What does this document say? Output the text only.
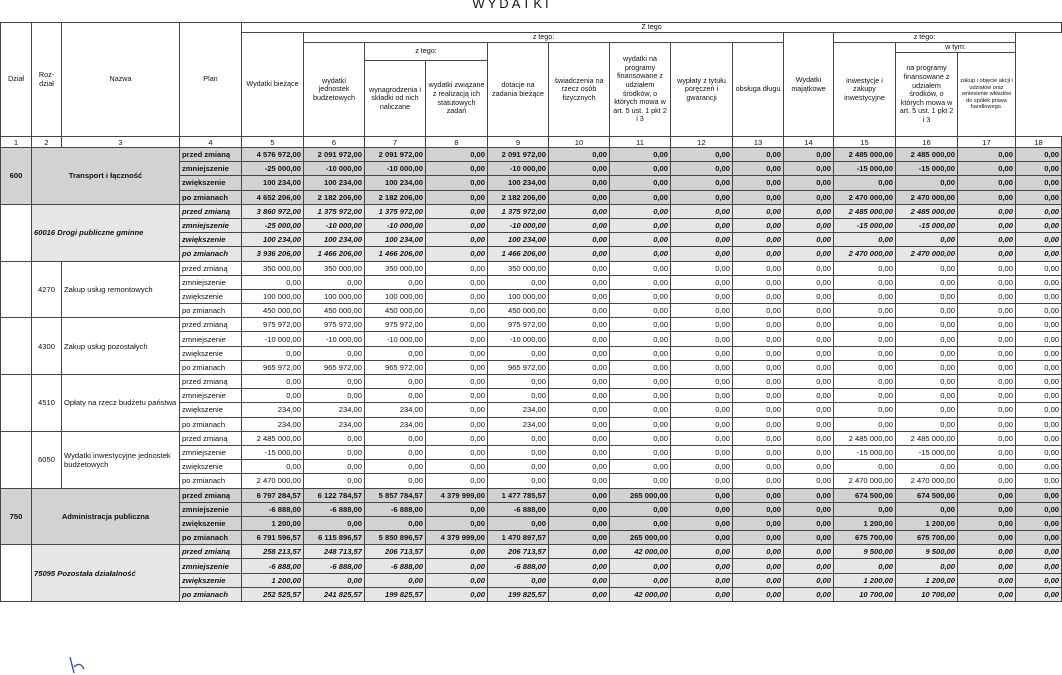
WYDATKI
Dział	Roz-dział	Nazwa	Plan	Z tego													
				Wydatki bieżące	z tego:								Wydatki majątkowe	z tego:			
					wydatki jednostek budżetowych	z tego:		dotacje na zadania bieżące	świadczenia na rzecz osób fizycznych	wydatki na programy finansowane z udziałem środków, o których mowa w art. 5 ust. 1 pkt 2 i 3	wypłaty z tytułu poręczeń i gwarancji	obsługa długu		inwestycje i zakupy inwestycyjne	w tym:		
															na programy finansowane z udziałem środków, o których mowa w art. 5 ust. 1 pkt 2 i 3	zakup i objęcie akcji i udziałów oraz wniesienie wkładów do spółek prawa handlowego.	
						wynagrodzenia i składki od nich naliczane	wydatki związane z realizacją ich statutowych zadań										
1	2	3	4	5	6	7	8	9	10	11	12	13	14	15	16	17	18
600	Transport i łączność		przed zmianą	4 576 972,00	2 091 972,00	2 091 972,00	0,00	2 091 972,00	0,00	0,00	0,00	0,00	0,00	2 485 000,00	2 485 000,00	0,00	0,00
			zmniejszenie	-25 000,00	-10 000,00	-10 000,00	0,00	-10 000,00	0,00	0,00	0,00	0,00	0,00	-15 000,00	-15 000,00	0,00	0,00
			zwiększenie	100 234,00	100 234,00	100 234,00	0,00	100 234,00	0,00	0,00	0,00	0,00	0,00	0,00	0,00	0,00	0,00
			po zmianach	4 652 206,00	2 182 206,00	2 182 206,00	0,00	2 182 206,00	0,00	0,00	0,00	0,00	0,00	2 470 000,00	2 470 000,00	0,00	0,00
	60016 Drogi publiczne gminne		przed zmianą	3 860 972,00	1 375 972,00	1 375 972,00	0,00	1 375 972,00	0,00	0,00	0,00	0,00	0,00	2 485 000,00	2 485 000,00	0,00	0,00
			zmniejszenie	-25 000,00	-10 000,00	-10 000,00	0,00	-10 000,00	0,00	0,00	0,00	0,00	0,00	-15 000,00	-15 000,00	0,00	0,00
			zwiększenie	100 234,00	100 234,00	100 234,00	0,00	100 234,00	0,00	0,00	0,00	0,00	0,00	0,00	0,00	0,00	0,00
			po zmianach	3 936 206,00	1 466 206,00	1 466 206,00	0,00	1 466 206,00	0,00	0,00	0,00	0,00	0,00	2 470 000,00	2 470 000,00	0,00	0,00
	4270	Zakup usług remontowych	przed zmianą	350 000,00	350 000,00	350 000,00	0,00	350 000,00	0,00	0,00	0,00	0,00	0,00	0,00	0,00	0,00	0,00
			zmniejszenie	0,00	0,00	0,00	0,00	0,00	0,00	0,00	0,00	0,00	0,00	0,00	0,00	0,00	0,00
			zwiększenie	100 000,00	100 000,00	100 000,00	0,00	100 000,00	0,00	0,00	0,00	0,00	0,00	0,00	0,00	0,00	0,00
			po zmianach	450 000,00	450 000,00	450 000,00	0,00	450 000,00	0,00	0,00	0,00	0,00	0,00	0,00	0,00	0,00	0,00
	4300	Zakup usług pozostałych	przed zmianą	975 972,00	975 972,00	975 972,00	0,00	975 972,00	0,00	0,00	0,00	0,00	0,00	0,00	0,00	0,00	0,00
			zmniejszenie	-10 000,00	-10 000,00	-10 000,00	0,00	-10 000,00	0,00	0,00	0,00	0,00	0,00	0,00	0,00	0,00	0,00
			zwiększenie	0,00	0,00	0,00	0,00	0,00	0,00	0,00	0,00	0,00	0,00	0,00	0,00	0,00	0,00
			po zmianach	965 972,00	965 972,00	965 972,00	0,00	965 972,00	0,00	0,00	0,00	0,00	0,00	0,00	0,00	0,00	0,00
	4510	Opłaty na rzecz budżetu państwa	przed zmianą	0,00	0,00	0,00	0,00	0,00	0,00	0,00	0,00	0,00	0,00	0,00	0,00	0,00	0,00
			zmniejszenie	0,00	0,00	0,00	0,00	0,00	0,00	0,00	0,00	0,00	0,00	0,00	0,00	0,00	0,00
			zwiększenie	234,00	234,00	234,00	0,00	234,00	0,00	0,00	0,00	0,00	0,00	0,00	0,00	0,00	0,00
			po zmianach	234,00	234,00	234,00	0,00	234,00	0,00	0,00	0,00	0,00	0,00	0,00	0,00	0,00	0,00
	6050	Wydatki inwestycyjne jednostek budżetowych	przed zmianą	2 485 000,00	0,00	0,00	0,00	0,00	0,00	0,00	0,00	0,00	0,00	2 485 000,00	2 485 000,00	0,00	0,00
			zmniejszenie	-15 000,00	0,00	0,00	0,00	0,00	0,00	0,00	0,00	0,00	0,00	-15 000,00	-15 000,00	0,00	0,00
			zwiększenie	0,00	0,00	0,00	0,00	0,00	0,00	0,00	0,00	0,00	0,00	0,00	0,00	0,00	0,00
			po zmianach	2 470 000,00	0,00	0,00	0,00	0,00	0,00	0,00	0,00	0,00	0,00	2 470 000,00	2 470 000,00	0,00	0,00
750	Administracja publiczna		przed zmianą	6 797 284,57	6 122 784,57	5 857 784,57	4 379 999,00	1 477 785,57	0,00	265 000,00	0,00	0,00	0,00	674 500,00	674 500,00	0,00	0,00
			zmniejszenie	-6 888,00	-6 888,00	-6 888,00	0,00	-6 888,00	0,00	0,00	0,00	0,00	0,00	0,00	0,00	0,00	0,00
			zwiększenie	1 200,00	0,00	0,00	0,00	0,00	0,00	0,00	0,00	0,00	0,00	1 200,00	1 200,00	0,00	0,00
			po zmianach	6 791 596,57	6 115 896,57	5 850 896,57	4 379 999,00	1 470 897,57	0,00	265 000,00	0,00	0,00	0,00	675 700,00	675 700,00	0,00	0,00
	75095 Pozostała działalność		przed zmianą	258 213,57	248 713,57	206 713,57	0,00	206 713,57	0,00	42 000,00	0,00	0,00	0,00	9 500,00	9 500,00	0,00	0,00
			zmniejszenie	-6 888,00	-6 888,00	-6 888,00	0,00	-6 888,00	0,00	0,00	0,00	0,00	0,00	0,00	0,00	0,00	0,00
			zwiększenie	1 200,00	0,00	0,00	0,00	0,00	0,00	0,00	0,00	0,00	0,00	1 200,00	1 200,00	0,00	0,00
			po zmianach	252 525,57	241 825,57	199 825,57	0,00	199 825,57	0,00	42 000,00	0,00	0,00	0,00	10 700,00	10 700,00	0,00	0,00
